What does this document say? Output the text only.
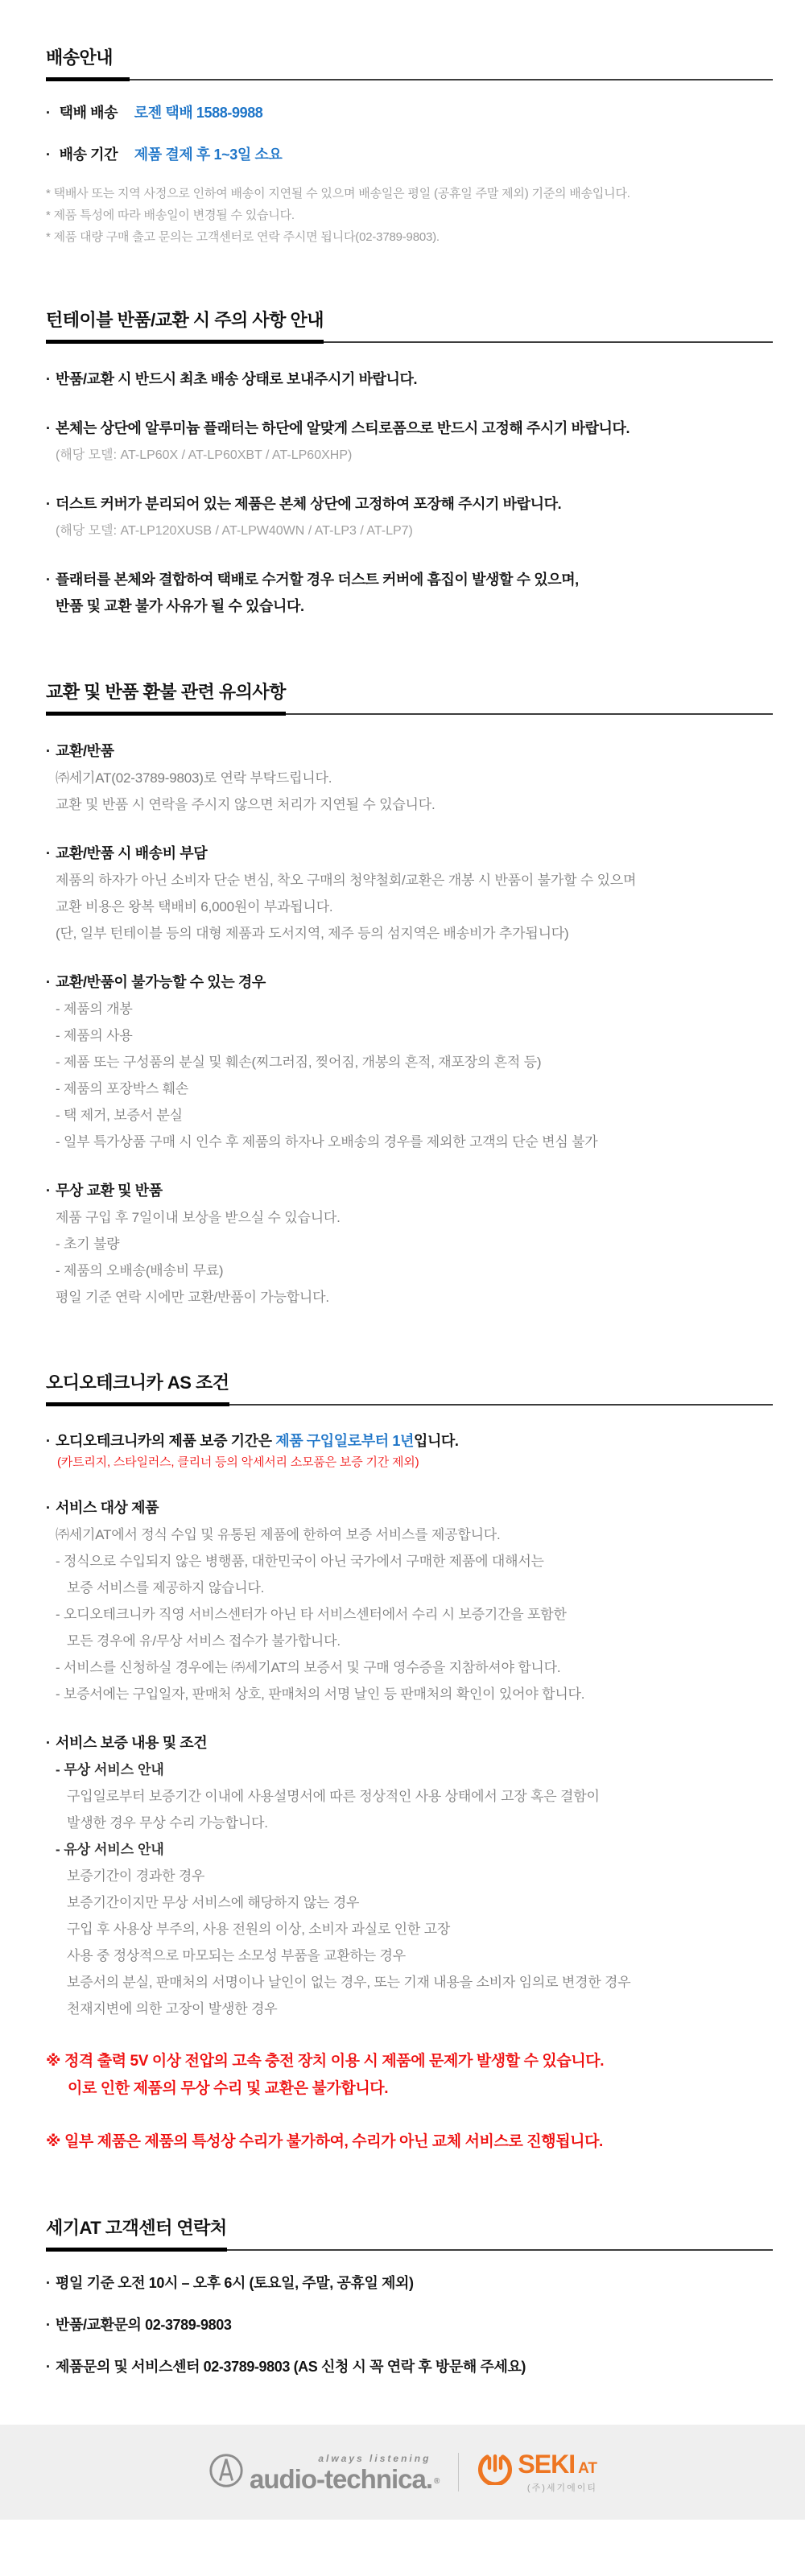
배송안내
· 택배 배송 로젠 택배 1588-9988
· 배송 기간 제품 결제 후 1~3일 소요
* 택배사 또는 지역 사정으로 인하여 배송이 지연될 수 있으며 배송일은 평일 (공휴일 주말 제외) 기준의 배송입니다.
* 제품 특성에 따라 배송일이 변경될 수 있습니다.
* 제품 대량 구매 출고 문의는 고객센터로 연락 주시면 됩니다(02-3789-9803).
턴테이블 반품/교환 시 주의 사항 안내
· 반품/교환 시 반드시 최초 배송 상태로 보내주시기 바랍니다.
· 본체는 상단에 알루미늄 플래터는 하단에 알맞게 스티로폼으로 반드시 고정해 주시기 바랍니다.
(해당 모델: AT-LP60X / AT-LP60XBT / AT-LP60XHP)
· 더스트 커버가 분리되어 있는 제품은 본체 상단에 고정하여 포장해 주시기 바랍니다.
(해당 모델: AT-LP120XUSB / AT-LPW40WN / AT-LP3 / AT-LP7)
· 플래터를 본체와 결합하여 택배로 수거할 경우 더스트 커버에 흠집이 발생할 수 있으며,
반품 및 교환 불가 사유가 될 수 있습니다.
교환 및 반품 환불 관련 유의사항
· 교환/반품
㈜세기AT(02-3789-9803)로 연락 부탁드립니다.
교환 및 반품 시 연락을 주시지 않으면 처리가 지연될 수 있습니다.
· 교환/반품 시 배송비 부담
제품의 하자가 아닌 소비자 단순 변심, 착오 구매의 청약철회/교환은 개봉 시 반품이 불가할 수 있으며
교환 비용은 왕복 택배비 6,000원이 부과됩니다.
(단, 일부 턴테이블 등의 대형 제품과 도서지역, 제주 등의 섬지역은 배송비가 추가됩니다)
· 교환/반품이 불가능할 수 있는 경우
- 제품의 개봉
- 제품의 사용
- 제품 또는 구성품의 분실 및 훼손(찌그러짐, 찢어짐, 개봉의 흔적, 재포장의 흔적 등)
- 제품의 포장박스 훼손
- 택 제거, 보증서 분실
- 일부 특가상품 구매 시 인수 후 제품의 하자나 오배송의 경우를 제외한 고객의 단순 변심 불가
· 무상 교환 및 반품
제품 구입 후 7일이내 보상을 받으실 수 있습니다.
- 초기 불량
- 제품의 오배송(배송비 무료)
평일 기준 연락 시에만 교환/반품이 가능합니다.
오디오테크니카 AS 조건
· 오디오테크니카의 제품 보증 기간은 제품 구입일로부터 1년입니다.
(카트리지, 스타일러스, 클리너 등의 악세서리 소모품은 보증 기간 제외)
· 서비스 대상 제품
㈜세기AT에서 정식 수입 및 유통된 제품에 한하여 보증 서비스를 제공합니다.
- 정식으로 수입되지 않은 병행품, 대한민국이 아닌 국가에서 구매한 제품에 대해서는
보증 서비스를 제공하지 않습니다.
- 오디오테크니카 직영 서비스센터가 아닌 타 서비스센터에서 수리 시 보증기간을 포함한
모든 경우에 유/무상 서비스 접수가 불가합니다.
- 서비스를 신청하실 경우에는 ㈜세기AT의 보증서 및 구매 영수증을 지참하셔야 합니다.
- 보증서에는 구입일자, 판매처 상호, 판매처의 서명 날인 등 판매처의 확인이 있어야 합니다.
· 서비스 보증 내용 및 조건
- 무상 서비스 안내
구입일로부터 보증기간 이내에 사용설명서에 따른 정상적인 사용 상태에서 고장 혹은 결함이
발생한 경우 무상 수리 가능합니다.
- 유상 서비스 안내
보증기간이 경과한 경우
보증기간이지만 무상 서비스에 해당하지 않는 경우
구입 후 사용상 부주의, 사용 전원의 이상, 소비자 과실로 인한 고장
사용 중 정상적으로 마모되는 소모성 부품을 교환하는 경우
보증서의 분실, 판매처의 서명이나 날인이 없는 경우, 또는 기재 내용을 소비자 임의로 변경한 경우
천재지변에 의한 고장이 발생한 경우
※ 정격 출력 5V 이상 전압의 고속 충전 장치 이용 시 제품에 문제가 발생할 수 있습니다.
이로 인한 제품의 무상 수리 및 교환은 불가합니다.
※ 일부 제품은 제품의 특성상 수리가 불가하여, 수리가 아닌 교체 서비스로 진행됩니다.
세기AT 고객센터 연락처
· 평일 기준 오전 10시 – 오후 6시 (토요일, 주말, 공휴일 제외)
· 반품/교환문의 02-3789-9803
· 제품문의 및 서비스센터 02-3789-9803 (AS 신청 시 꼭 연락 후 방문해 주세요)
always listening
audio-technica. ®
SEKI AT
(주)세기에이티
